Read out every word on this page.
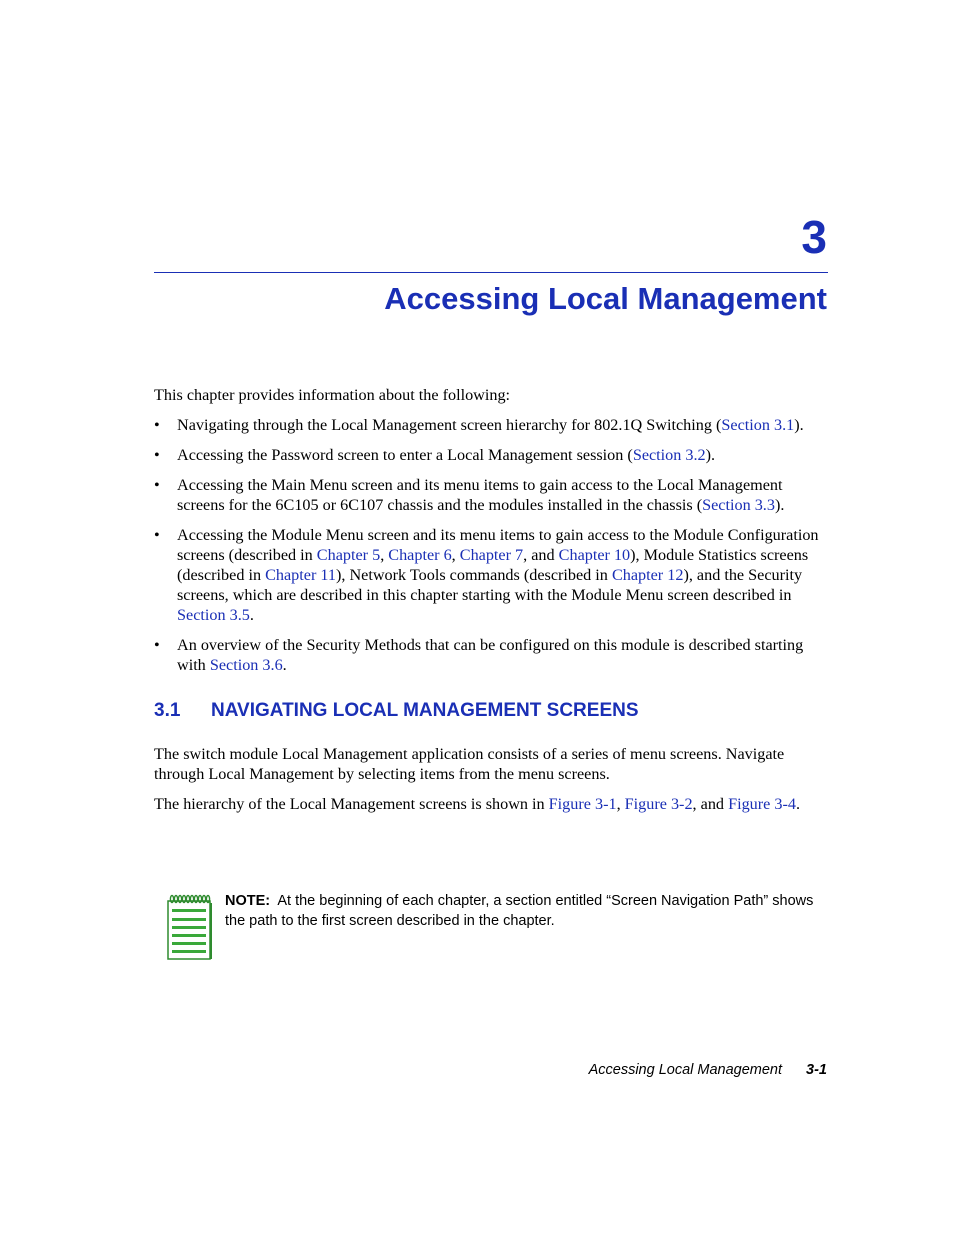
3
Accessing Local Management

This chapter provides information about the following:

• Navigating through the Local Management screen hierarchy for 802.1Q Switching (Section 3.1).
• Accessing the Password screen to enter a Local Management session (Section 3.2).
• Accessing the Main Menu screen and its menu items to gain access to the Local Management screens for the 6C105 or 6C107 chassis and the modules installed in the chassis (Section 3.3).
• Accessing the Module Menu screen and its menu items to gain access to the Module Configuration screens (described in Chapter 5, Chapter 6, Chapter 7, and Chapter 10), Module Statistics screens (described in Chapter 11), Network Tools commands (described in Chapter 12), and the Security screens, which are described in this chapter starting with the Module Menu screen described in Section 3.5.
• An overview of the Security Methods that can be configured on this module is described starting with Section 3.6.
3.1 NAVIGATING LOCAL MANAGEMENT SCREENS

The switch module Local Management application consists of a series of menu screens. Navigate through Local Management by selecting items from the menu screens.

The hierarchy of the Local Management screens is shown in Figure 3-1, Figure 3-2, and Figure 3-4.

NOTE: At the beginning of each chapter, a section entitled “Screen Navigation Path” shows the path to the first screen described in the chapter.
Accessing Local Management 3-1
